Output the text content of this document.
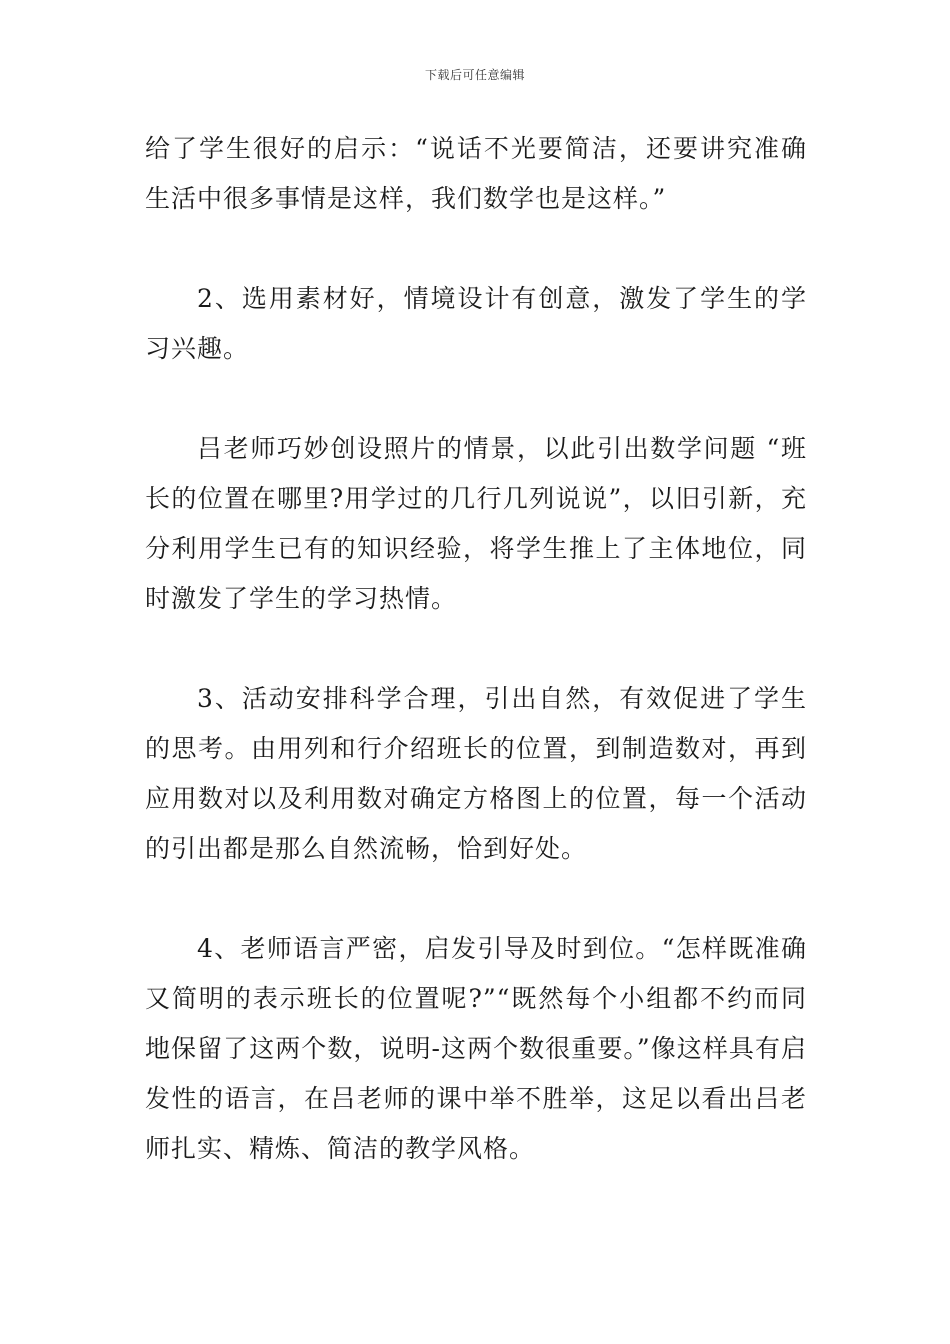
下载后可任意编辑

给了学生很好的启示：“说话不光要简洁，还要讲究准确生活中很多事情是这样，我们数学也是这样。”

2、选用素材好，情境设计有创意，激发了学生的学习兴趣。

吕老师巧妙创设照片的情景，以此引出数学问题 “班长的位置在哪里?用学过的几行几列说说”，以旧引新，充分利用学生已有的知识经验，将学生推上了主体地位，同时激发了学生的学习热情。

3、活动安排科学合理，引出自然，有效促进了学生的思考。由用列和行介绍班长的位置，到制造数对，再到应用数对以及利用数对确定方格图上的位置，每一个活动的引出都是那么自然流畅，恰到好处。

4、老师语言严密，启发引导及时到位。“怎样既准确又简明的表示班长的位置呢?”“既然每个小组都不约而同地保留了这两个数，说明-这两个数很重要。”像这样具有启发性的语言，在吕老师的课中举不胜举，这足以看出吕老师扎实、精炼、简洁的教学风格。
